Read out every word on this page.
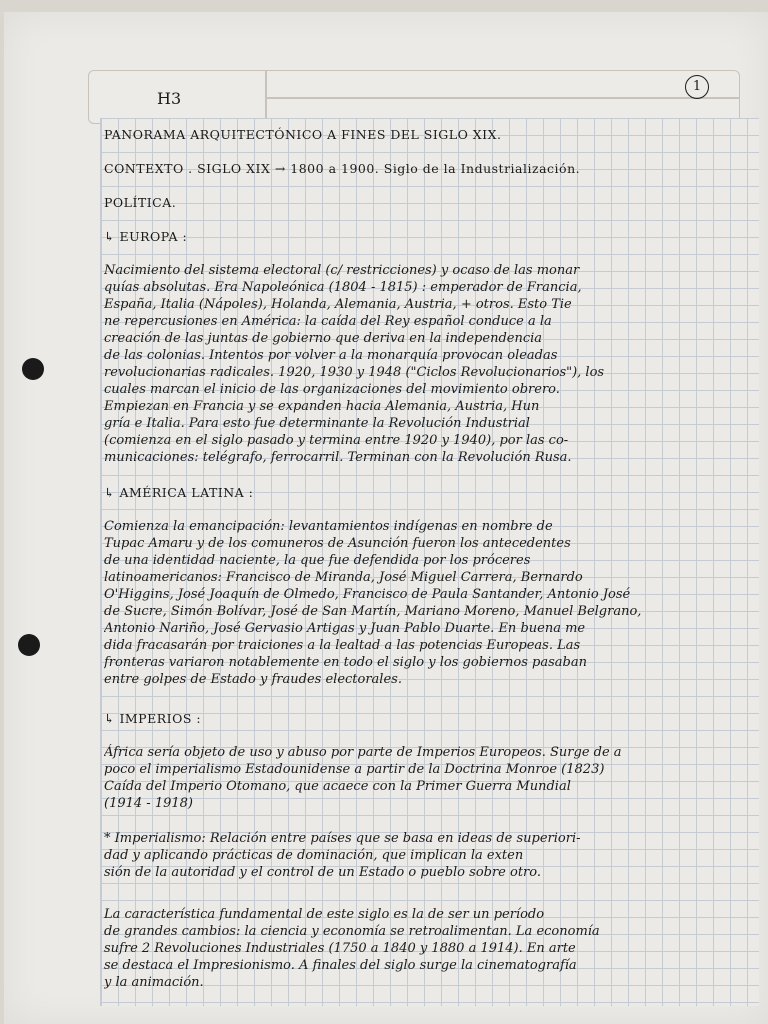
H3
1
PANORAMA ARQUITECTÓNICO A FINES DEL SIGLO XIX.
CONTEXTO . SIGLO XIX → 1800 a 1900. Siglo de la Industrialización.
POLÍTICA.
↳ EUROPA :
Nacimiento del sistema electoral (c/ restricciones) y ocaso de las monar
quías absolutas. Era Napoleónica (1804 - 1815) : emperador de Francia,
España, Italia (Nápoles), Holanda, Alemania, Austria, + otros. Esto Tie
ne repercusiones en América: la caída del Rey español conduce a la
creación de las juntas de gobierno que deriva en la independencia
de las colonias. Intentos por volver a la monarquía provocan oleadas
revolucionarias radicales. 1920, 1930 y 1948 ("Ciclos Revolucionarios"), los
cuales marcan el inicio de las organizaciones del movimiento obrero.
Empiezan en Francia y se expanden hacia Alemania, Austria, Hun
gría e Italia. Para esto fue determinante la Revolución Industrial
(comienza en el siglo pasado y termina entre 1920 y 1940), por las co-
municaciones: telégrafo, ferrocarril. Terminan con la Revolución Rusa.
↳ AMÉRICA LATINA :
Comienza la emancipación: levantamientos indígenas en nombre de
Tupac Amaru y de los comuneros de Asunción fueron los antecedentes
de una identidad naciente, la que fue defendida por los próceres
latinoamericanos: Francisco de Miranda, José Miguel Carrera, Bernardo
O'Higgins, José Joaquín de Olmedo, Francisco de Paula Santander, Antonio José
de Sucre, Simón Bolívar, José de San Martín, Mariano Moreno, Manuel Belgrano,
Antonio Nariño, José Gervasio Artigas y Juan Pablo Duarte. En buena me
dida fracasarán por traiciones a la lealtad a las potencias Europeas. Las
fronteras variaron notablemente en todo el siglo y los gobiernos pasaban
entre golpes de Estado y fraudes electorales.
↳ IMPERIOS :
África sería objeto de uso y abuso por parte de Imperios Europeos. Surge de a
poco el imperialismo Estadounidense a partir de la Doctrina Monroe (1823)
Caída del Imperio Otomano, que acaece con la Primer Guerra Mundial
(1914 - 1918)
* Imperialismo: Relación entre países que se basa en ideas de superiori-
dad y aplicando prácticas de dominación, que implican la exten
sión de la autoridad y el control de un Estado o pueblo sobre otro.
La característica fundamental de este siglo es la de ser un período
de grandes cambios: la ciencia y economía se retroalimentan. La economía
sufre 2 Revoluciones Industriales (1750 a 1840 y 1880 a 1914). En arte
se destaca el Impresionismo. A finales del siglo surge la cinematografía
y la animación.
